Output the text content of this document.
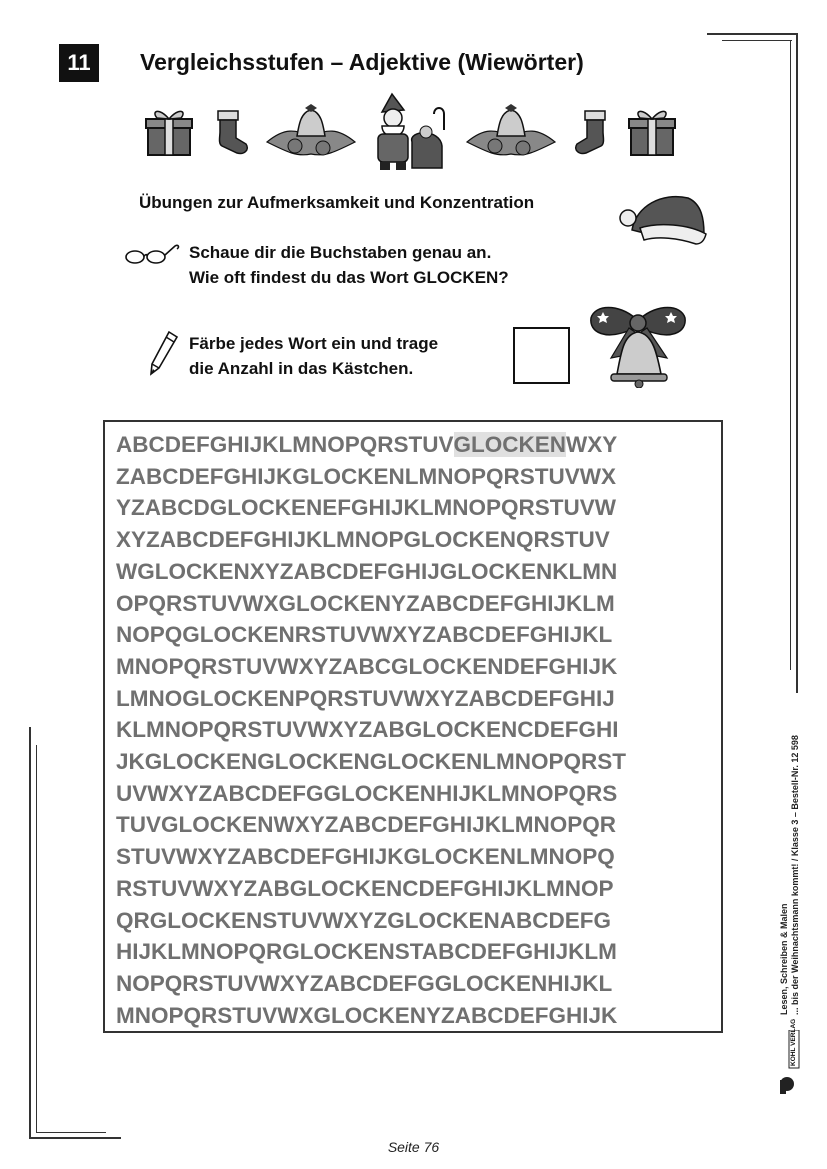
11	Vergleichsstufen – Adjektive (Wiewörter)
Übungen zur Aufmerksamkeit und Konzentration
Schaue dir die Buchstaben genau an.
Wie oft findest du das Wort GLOCKEN?
Färbe jedes Wort ein und trage
die Anzahl in das Kästchen.
ABCDEFGHIJKLMNOPQRSTUVGLOCKENWXY
ZABCDEFGHIJKGLOCKENLMNOPQRSTUVWX
YZABCDGLOCKENEFGHIJKLMNOPQRSTUVW
XYZABCDEFGHIJKLMNOPGLOCKENQRSTUV
WGLOCKENXYZABCDEFGHIJGLOCKENKLMN
OPQRSTUVWXGLOCKENYZABCDEFGHIJKLM
NOPQGLOCKENRSTUVWXYZABCDEFGHIJKL
MNOPQRSTUVWXYZABCGLOCKENDEFGHIJK
LMNOGLOCKENPQRSTUVWXYZABCDEFGHIJ
KLMNOPQRSTUVWXYZABGLOCKENCDEFGHI
JKGLOCKENGLOCKENGLOCKENLMNOPQRST
UVWXYZABCDEFGGLOCKENHIJKLMNOPQRS
TUVGLOCKENWXYZABCDEFGHIJKLMNOPQR
STUVWXYZABCDEFGHIJKGLOCKENLMNOPQ
RSTUVWXYZABGLOCKENCDEFGHIJKLMNOP
QRGLOCKENSTUVWXYZGLOCKENABCDEFG
HIJKLMNOPQRGLOCKENSTABCDEFGHIJKLM
NOPQRSTUVWXYZABCDEFGGLOCKENHIJKL
MNOPQRSTUVWXGLOCKENYZABCDEFGHIJK
Lesen, Schreiben & Malen ... bis der Weihnachtsmann kommt! / Klasse 3 – Bestell-Nr. 12 598
KOHL VERLAG
Seite 76
